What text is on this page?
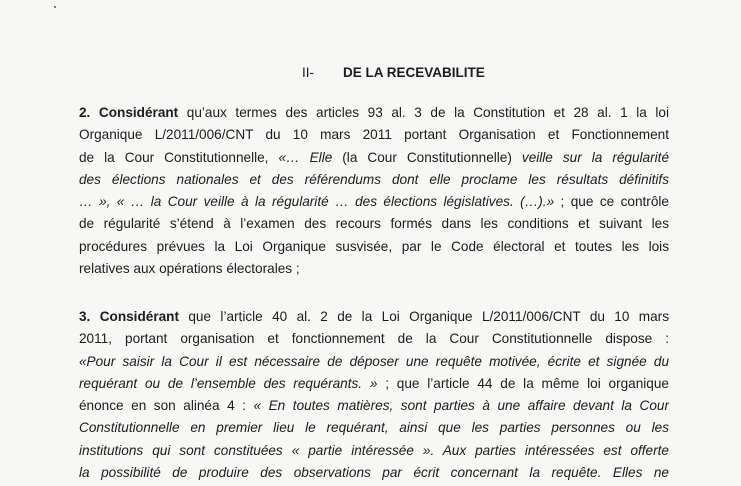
II- DE LA RECEVABILITE
2. Considérant qu’aux termes des articles 93 al. 3 de la Constitution et 28 al. 1 la loi
Organique L/2011/006/CNT du 10 mars 2011 portant Organisation et Fonctionnement
de la Cour Constitutionnelle, «… Elle (la Cour Constitutionnelle) veille sur la régularité
des élections nationales et des référendums dont elle proclame les résultats définitifs
… », « … la Cour veille à la régularité … des élections législatives. (…).» ; que ce contrôle
de régularité s’étend à l’examen des recours formés dans les conditions et suivant les
procédures prévues la Loi Organique susvisée, par le Code électoral et toutes les lois
relatives aux opérations électorales ;
3. Considérant que l’article 40 al. 2 de la Loi Organique L/2011/006/CNT du 10 mars
2011, portant organisation et fonctionnement de la Cour Constitutionnelle dispose :
«Pour saisir la Cour il est nécessaire de déposer une requête motivée, écrite et signée du
requérant ou de l’ensemble des requérants. » ; que l’article 44 de la même loi organique
énonce en son alinéa 4 : « En toutes matières, sont parties à une affaire devant la Cour
Constitutionnelle en premier lieu le requérant, ainsi que les parties personnes ou les
institutions qui sont constituées « partie intéressée ». Aux parties intéressées est offerte
la possibilité de produire des observations par écrit concernant la requête. Elles ne
